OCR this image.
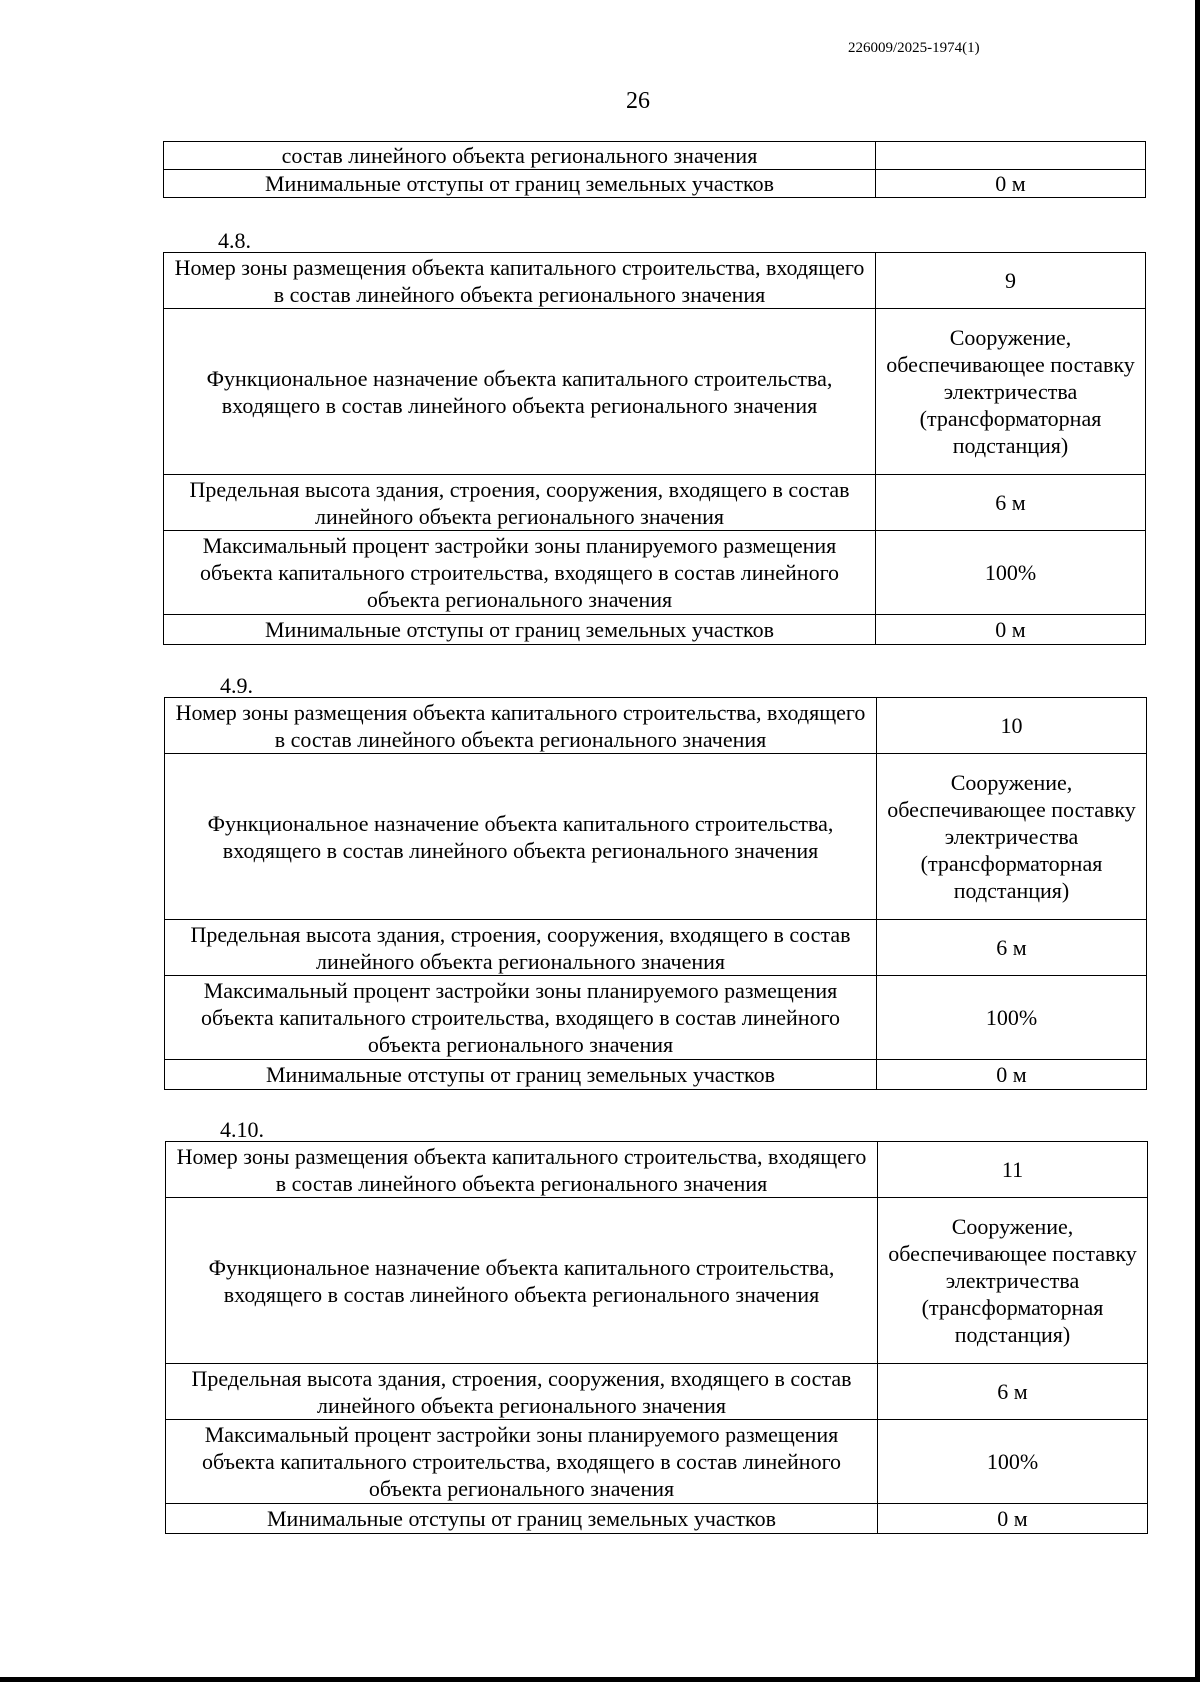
226009/2025-1974(1)
26
состав линейного объекта регионального значения	
Минимальные отступы от границ земельных участков	0 м
4.8.
Номер зоны размещения объекта капитального строительства, входящего в состав линейного объекта регионального значения	9
Функциональное назначение объекта капитального строительства, входящего в состав линейного объекта регионального значения	Сооружение, обеспечивающее поставку электричества (трансформаторная подстанция)
Предельная высота здания, строения, сооружения, входящего в состав линейного объекта регионального значения	6 м
Максимальный процент застройки зоны планируемого размещения объекта капитального строительства, входящего в состав линейного объекта регионального значения	100%
Минимальные отступы от границ земельных участков	0 м
4.9.
Номер зоны размещения объекта капитального строительства, входящего в состав линейного объекта регионального значения	10
Функциональное назначение объекта капитального строительства, входящего в состав линейного объекта регионального значения	Сооружение, обеспечивающее поставку электричества (трансформаторная подстанция)
Предельная высота здания, строения, сооружения, входящего в состав линейного объекта регионального значения	6 м
Максимальный процент застройки зоны планируемого размещения объекта капитального строительства, входящего в состав линейного объекта регионального значения	100%
Минимальные отступы от границ земельных участков	0 м
4.10.
Номер зоны размещения объекта капитального строительства, входящего в состав линейного объекта регионального значения	11
Функциональное назначение объекта капитального строительства, входящего в состав линейного объекта регионального значения	Сооружение, обеспечивающее поставку электричества (трансформаторная подстанция)
Предельная высота здания, строения, сооружения, входящего в состав линейного объекта регионального значения	6 м
Максимальный процент застройки зоны планируемого размещения объекта капитального строительства, входящего в состав линейного объекта регионального значения	100%
Минимальные отступы от границ земельных участков	0 м
